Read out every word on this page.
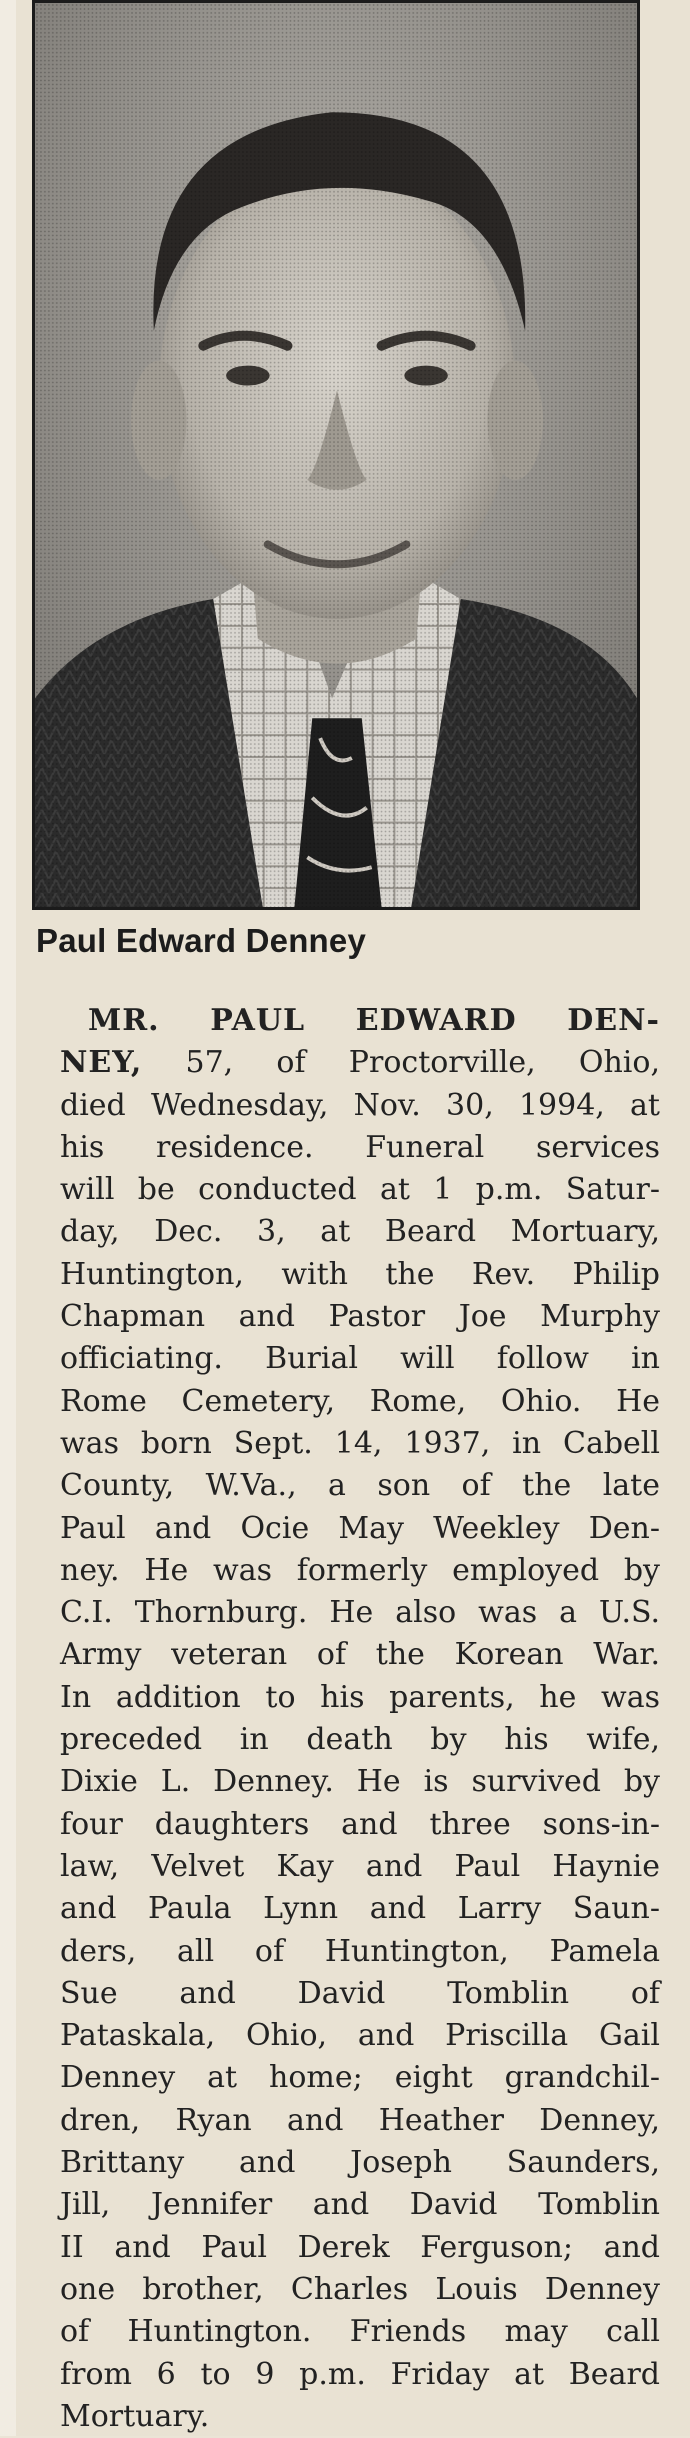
Paul Edward Denney
MR. PAUL EDWARD DEN-
NEY, 57, of Proctorville, Ohio,
died Wednesday, Nov. 30, 1994, at
his residence. Funeral services
will be conducted at 1 p.m. Satur-
day, Dec. 3, at Beard Mortuary,
Huntington, with the Rev. Philip
Chapman and Pastor Joe Murphy
officiating. Burial will follow in
Rome Cemetery, Rome, Ohio. He
was born Sept. 14, 1937, in Cabell
County, W.Va., a son of the late
Paul and Ocie May Weekley Den-
ney. He was formerly employed by
C.I. Thornburg. He also was a U.S.
Army veteran of the Korean War.
In addition to his parents, he was
preceded in death by his wife,
Dixie L. Denney. He is survived by
four daughters and three sons-in-
law, Velvet Kay and Paul Haynie
and Paula Lynn and Larry Saun-
ders, all of Huntington, Pamela
Sue and David Tomblin of
Pataskala, Ohio, and Priscilla Gail
Denney at home; eight grandchil-
dren, Ryan and Heather Denney,
Brittany and Joseph Saunders,
Jill, Jennifer and David Tomblin
II and Paul Derek Ferguson; and
one brother, Charles Louis Denney
of Huntington. Friends may call
from 6 to 9 p.m. Friday at Beard
Mortuary.
